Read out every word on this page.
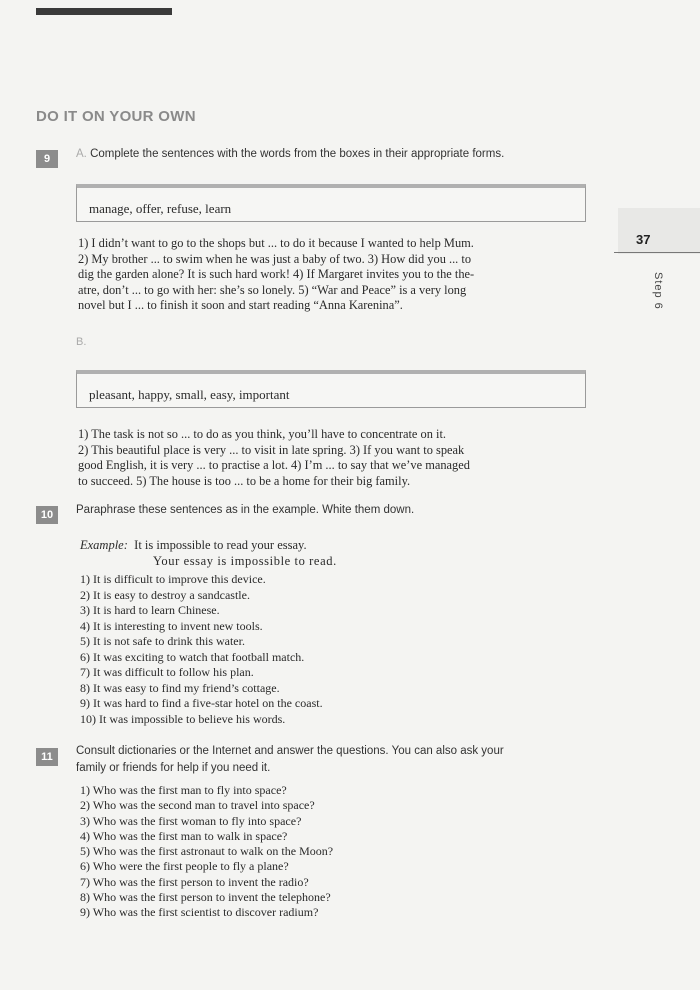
DO IT ON YOUR OWN
37
Step 6
9	A. Complete the sentences with the words from the boxes in their appropriate forms.
manage, offer, refuse, learn
1) I didn’t want to go to the shops but ... to do it because I wanted to help Mum.
2) My brother ... to swim when he was just a baby of two. 3) How did you ... to
dig the garden alone? It is such hard work! 4) If Margaret invites you to the the-
atre, don’t ... to go with her: she’s so lonely. 5) “War and Peace” is a very long
novel but I ... to finish it soon and start reading “Anna Karenina”.
B.
pleasant, happy, small, easy, important
1) The task is not so ... to do as you think, you’ll have to concentrate on it.
2) This beautiful place is very ... to visit in late spring. 3) If you want to speak
good English, it is very ... to practise a lot. 4) I’m ... to say that we’ve managed
to succeed. 5) The house is too ... to be a home for their big family.
10	Paraphrase these sentences as in the example. White them down.
Example: It is impossible to read your essay.
Your essay is impossible to read.
1) It is difficult to improve this device.
2) It is easy to destroy a sandcastle.
3) It is hard to learn Chinese.
4) It is interesting to invent new tools.
5) It is not safe to drink this water.
6) It was exciting to watch that football match.
7) It was difficult to follow his plan.
8) It was easy to find my friend’s cottage.
9) It was hard to find a five-star hotel on the coast.
10) It was impossible to believe his words.
11	Consult dictionaries or the Internet and answer the questions. You can also ask your
family or friends for help if you need it.
1) Who was the first man to fly into space?
2) Who was the second man to travel into space?
3) Who was the first woman to fly into space?
4) Who was the first man to walk in space?
5) Who was the first astronaut to walk on the Moon?
6) Who were the first people to fly a plane?
7) Who was the first person to invent the radio?
8) Who was the first person to invent the telephone?
9) Who was the first scientist to discover radium?
